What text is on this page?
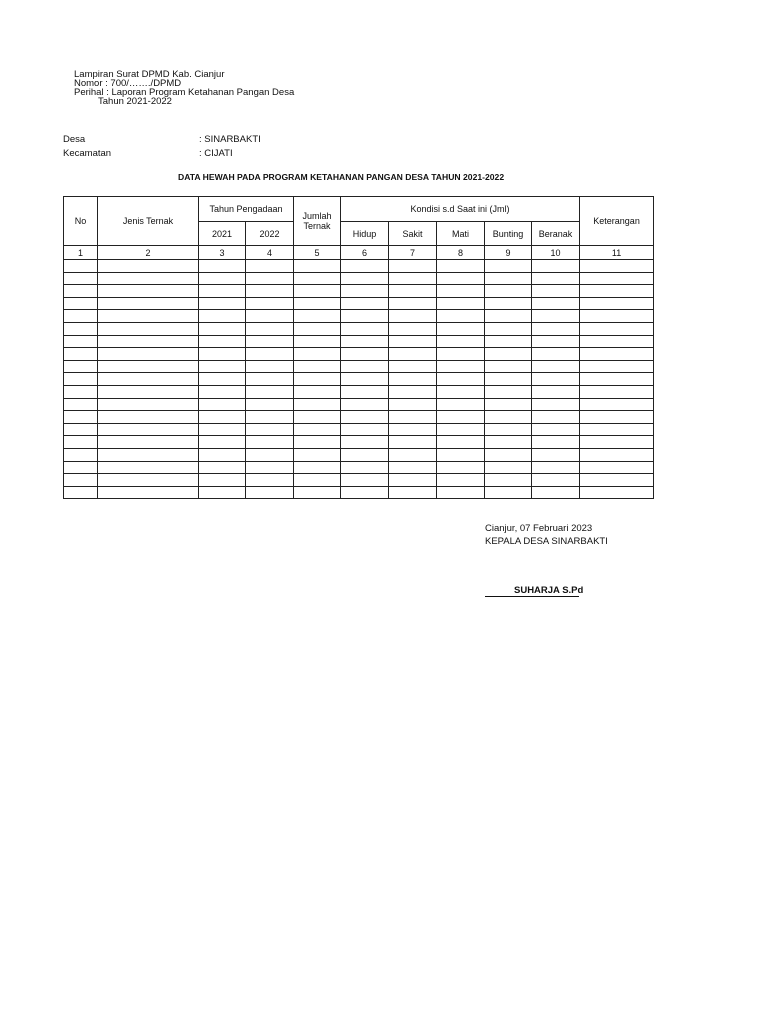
Lampiran Surat DPMD Kab. Cianjur
Nomor : 700/……./DPMD
Perihal : Laporan Program Ketahanan Pangan Desa
Tahun 2021-2022
Desa	: SINARBAKTI
Kecamatan	: CIJATI
DATA HEWAH PADA PROGRAM KETAHANAN PANGAN DESA TAHUN 2021-2022
No	Jenis Ternak	Tahun Pengadaan		Jumlah Ternak	Kondisi s.d Saat ini (Jml)					Keterangan
		2021	2022		Hidup	Sakit	Mati	Bunting	Beranak	
1	2	3	4	5	6	7	8	9	10	11

Cianjur, 07 Februari 2023
KEPALA DESA SINARBAKTI
SUHARJA S.Pd
